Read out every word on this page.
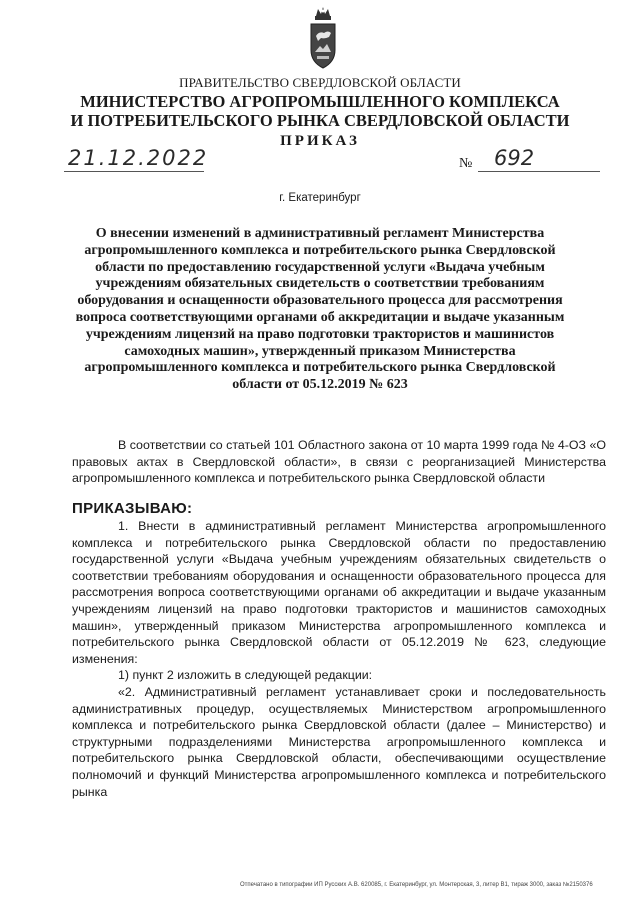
ПРАВИТЕЛЬСТВО СВЕРДЛОВСКОЙ ОБЛАСТИ
МИНИСТЕРСТВО АГРОПРОМЫШЛЕННОГО КОМПЛЕКСА
И ПОТРЕБИТЕЛЬСКОГО РЫНКА СВЕРДЛОВСКОЙ ОБЛАСТИ
ПРИКАЗ
21.12.2022	№ 692
г. Екатеринбург
О внесении изменений в административный регламент Министерства агропромышленного комплекса и потребительского рынка Свердловской области по предоставлению государственной услуги «Выдача учебным учреждениям обязательных свидетельств о соответствии требованиям оборудования и оснащенности образовательного процесса для рассмотрения вопроса соответствующими органами об аккредитации и выдаче указанным учреждениям лицензий на право подготовки трактористов и машинистов самоходных машин», утвержденный приказом Министерства агропромышленного комплекса и потребительского рынка Свердловской области от 05.12.2019 № 623

В соответствии со статьей 101 Областного закона от 10 марта 1999 года № 4-ОЗ «О правовых актах в Свердловской области», в связи с реорганизацией Министерства агропромышленного комплекса и потребительского рынка Свердловской области

ПРИКАЗЫВАЮ:

1. Внести в административный регламент Министерства агропромышленного комплекса и потребительского рынка Свердловской области по предоставлению государственной услуги «Выдача учебным учреждениям обязательных свидетельств о соответствии требованиям оборудования и оснащенности образовательного процесса для рассмотрения вопроса соответствующими органами об аккредитации и выдаче указанным учреждениям лицензий на право подготовки трактористов и машинистов самоходных машин», утвержденный приказом Министерства агропромышленного комплекса и потребительского рынка Свердловской области от 05.12.2019 № 623, следующие изменения:

1) пункт 2 изложить в следующей редакции:

«2. Административный регламент устанавливает сроки и последовательность административных процедур, осуществляемых Министерством агропромышленного комплекса и потребительского рынка Свердловской области (далее – Министерство) и структурными подразделениями Министерства агропромышленного комплекса и потребительского рынка Свердловской области, обеспечивающими осуществление полномочий и функций Министерства агропромышленного комплекса и потребительского рынка

Отпечатано в типографии ИП Русских А.В. 620085, г. Екатеринбург, ул. Монтерская, 3, литер В1, тираж 3000, заказ №2150376
